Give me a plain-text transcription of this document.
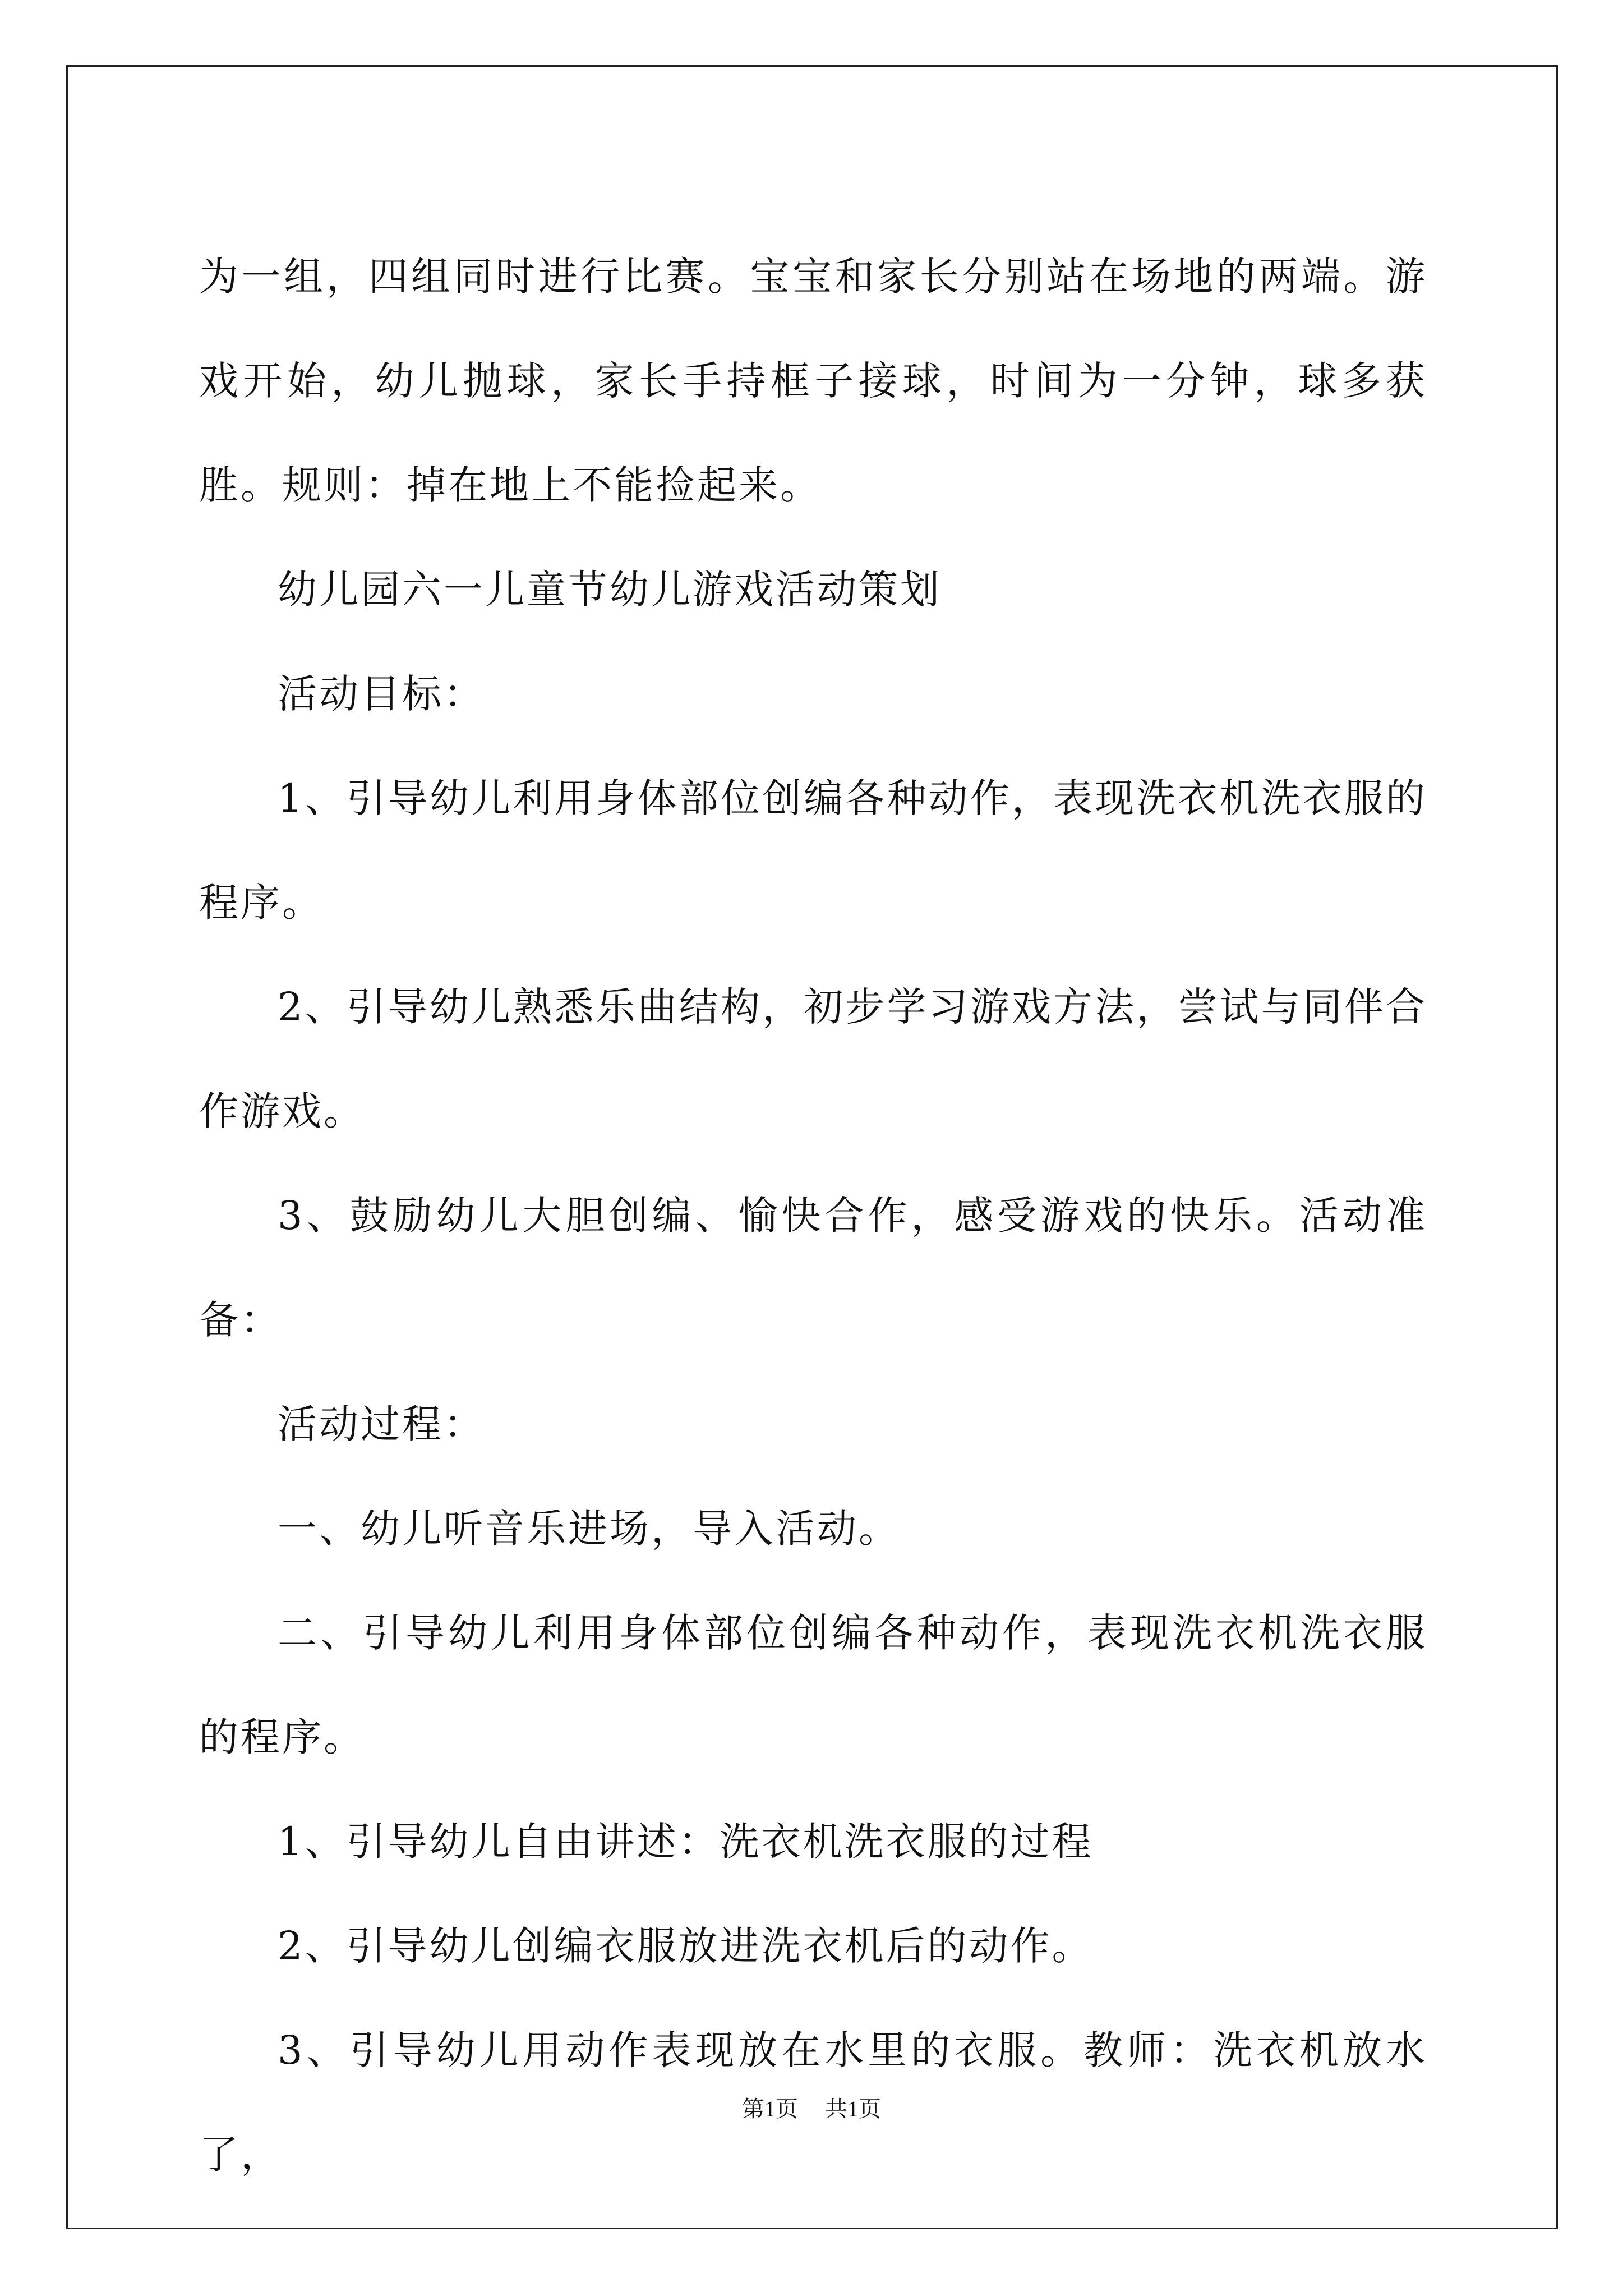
为一组，四组同时进行比赛。宝宝和家长分别站在场地的两端。游戏开始，幼儿抛球，家长手持框子接球，时间为一分钟，球多获胜。规则：掉在地上不能捡起来。

幼儿园六一儿童节幼儿游戏活动策划

活动目标：

1、引导幼儿利用身体部位创编各种动作，表现洗衣机洗衣服的程序。

2、引导幼儿熟悉乐曲结构，初步学习游戏方法，尝试与同伴合作游戏。

3、鼓励幼儿大胆创编、愉快合作，感受游戏的快乐。活动准备：

活动过程：

一、幼儿听音乐进场，导入活动。

二、引导幼儿利用身体部位创编各种动作，表现洗衣机洗衣服的程序。

1、引导幼儿自由讲述：洗衣机洗衣服的过程

2、引导幼儿创编衣服放进洗衣机后的动作。

3、引导幼儿用动作表现放在水里的衣服。教师：洗衣机放水了，

第1页 共1页
